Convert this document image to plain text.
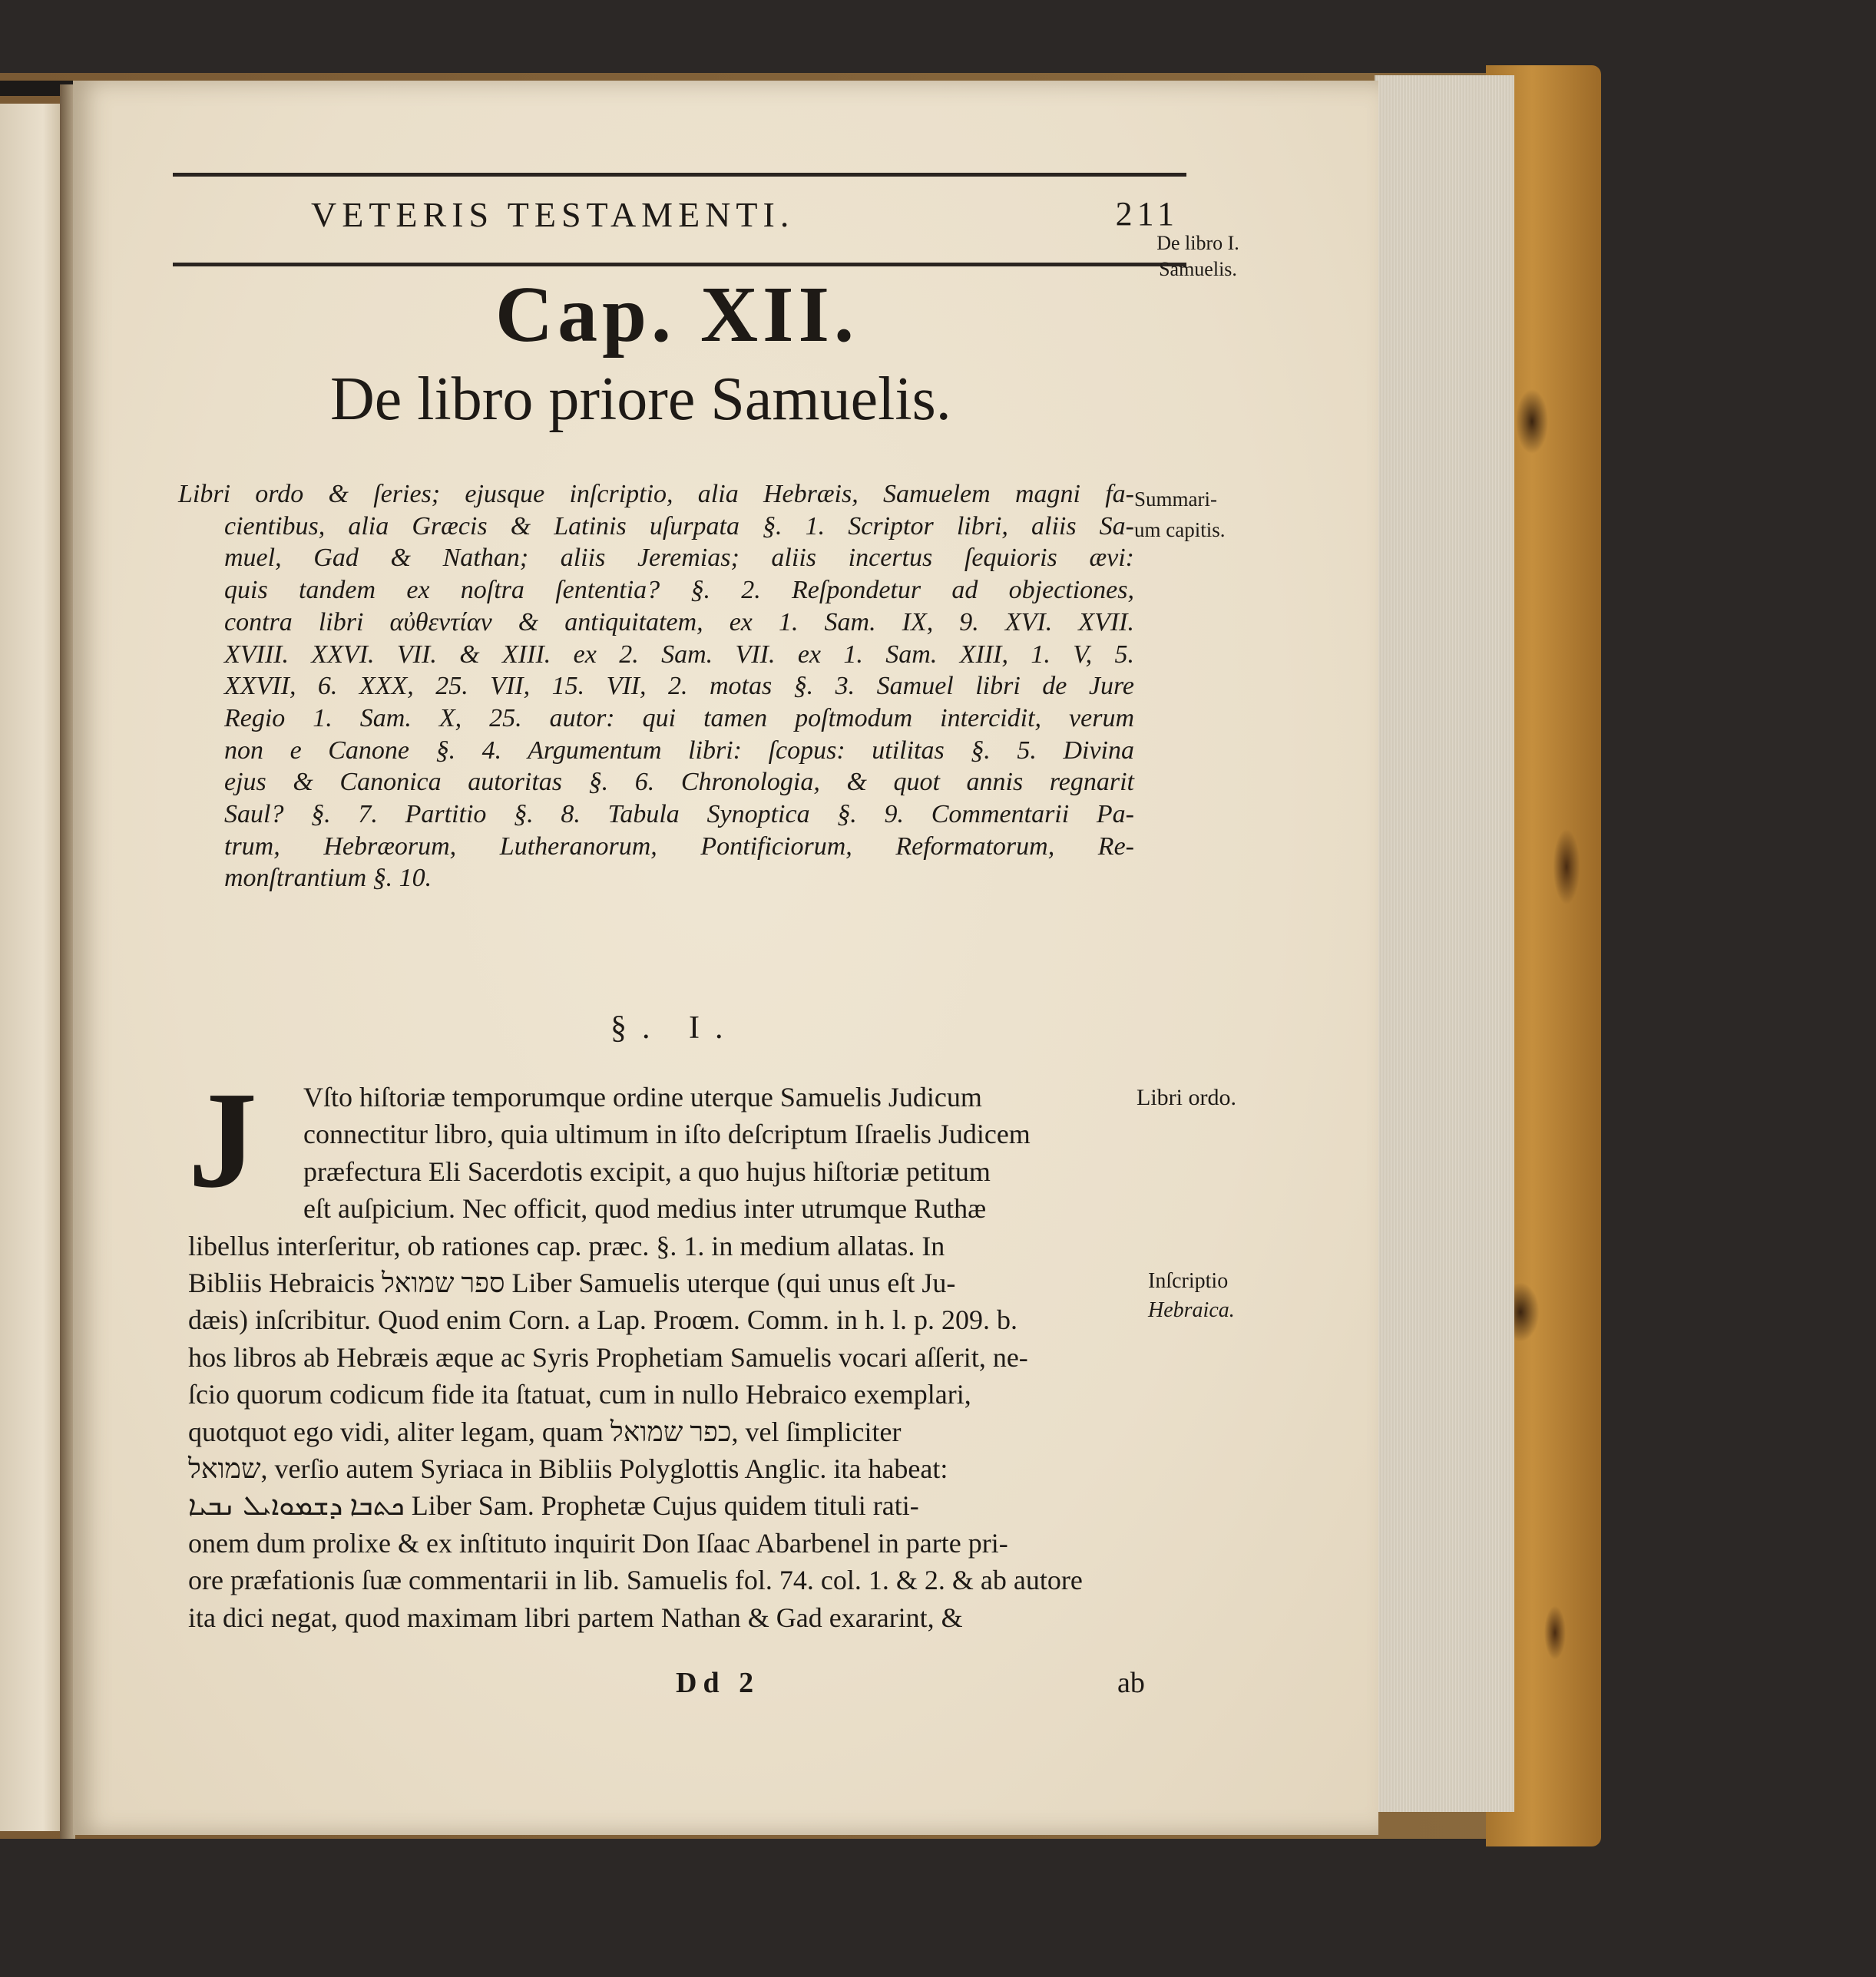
VETERIS TESTAMENTI.	211
De libro I.
Samuelis.
Cap. XII.
De libro priore Samuelis.
Libri ordo & ſeries; ejusque inſcriptio, alia Hebræis, Samuelem magni fa-
cientibus, alia Græcis & Latinis uſurpata §. 1. Scriptor libri, aliis Sa-
muel, Gad & Nathan; aliis Jeremias; aliis incertus ſequioris ævi:
quis tandem ex noſtra ſententia? §. 2. Reſpondetur ad objectiones,
contra libri αὐθεντίαν & antiquitatem, ex 1. Sam. IX, 9. XVI. XVII.
XVIII. XXVI. VII. & XIII. ex 2. Sam. VII. ex 1. Sam. XIII, 1. V, 5.
XXVII, 6. XXX, 25. VII, 15. VII, 2. motas §. 3. Samuel libri de Jure
Regio 1. Sam. X, 25. autor: qui tamen poſtmodum intercidit, verum
non e Canone §. 4. Argumentum libri: ſcopus: utilitas §. 5. Divina
ejus & Canonica autoritas §. 6. Chronologia, & quot annis regnarit
Saul? §. 7. Partitio §. 8. Tabula Synoptica §. 9. Commentarii Pa-
trum, Hebræorum, Lutheranorum, Pontificiorum, Reformatorum, Re-
monſtrantium §. 10.
Summari-
um capitis.
§. I.
J	Vſto hiſtoriæ temporumque ordine uterque Samuelis Judicum
connectitur libro, quia ultimum in iſto deſcriptum Iſraelis Judicem
præfectura Eli Sacerdotis excipit, a quo hujus hiſtoriæ petitum
eſt auſpicium. Nec officit, quod medius inter utrumque Ruthæ
libellus interſeritur, ob rationes cap. præc. §. 1. in medium allatas. In
Bibliis Hebraicis ספר שמואל Liber Samuelis uterque (qui unus eſt Ju-
dæis) inſcribitur. Quod enim Corn. a Lap. Proœm. Comm. in h. l. p. 209. b.
hos libros ab Hebræis æque ac Syris Prophetiam Samuelis vocari aſſerit, ne-
ſcio quorum codicum fide ita ſtatuat, cum in nullo Hebraico exemplari,
quotquot ego vidi, aliter legam, quam כפר שמואל, vel ſimpliciter
שמואל, verſio autem Syriaca in Bibliis Polyglottis Anglic. ita habeat:
ܟܬܒܐ ܕܫܡܘܐܝܠ ܢܒܝܐ Liber Sam. Prophetæ Cujus quidem tituli rati-
onem dum prolixe & ex inſtituto inquirit Don Iſaac Abarbenel in parte pri-
ore præfationis ſuæ commentarii in lib. Samuelis fol. 74. col. 1. & 2. & ab autore
ita dici negat, quod maximam libri partem Nathan & Gad exararint, &
Libri ordo.
Inſcriptio
Hebraica.
Dd 2	ab
